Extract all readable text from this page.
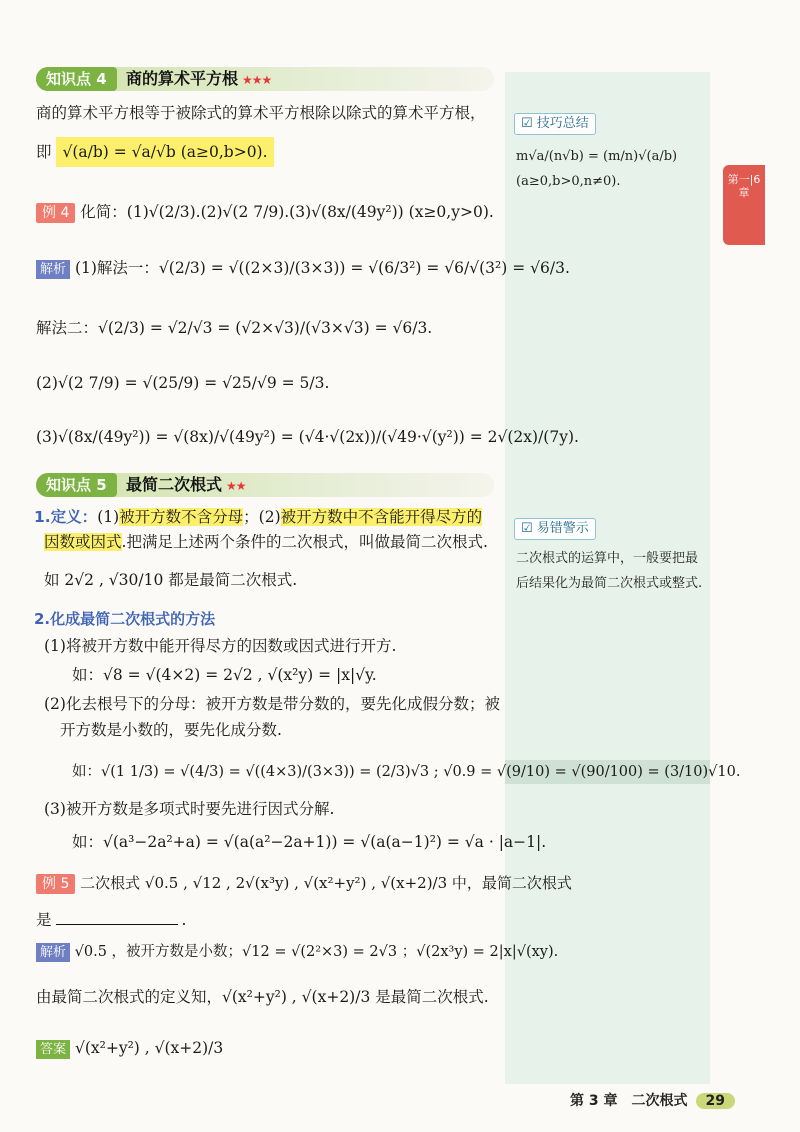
☑ 技巧总结
m√a/(n√b) = (m/n)√(a/b) (a≥0,b>0,n≠0).
☑ 易错警示
二次根式的运算中，一般要把最后结果化为最简二次根式或整式.
第一|6章
知识点 4	商的算术平方根 ★★★
商的算术平方根等于被除式的算术平方根除以除式的算术平方根，
即 √(a/b) = √a/√b (a≥0,b>0).
例 4 化简：(1)√(2/3).(2)√(2 7/9).(3)√(8x/(49y²)) (x≥0,y>0).
解析 (1)解法一：√(2/3) = √((2×3)/(3×3)) = √(6/3²) = √6/√(3²) = √6/3.
解法二：√(2/3) = √2/√3 = (√2×√3)/(√3×√3) = √6/3.
(2)√(2 7/9) = √(25/9) = √25/√9 = 5/3.
(3)√(8x/(49y²)) = √(8x)/√(49y²) = (√4·√(2x))/(√49·√(y²)) = 2√(2x)/(7y).
知识点 5	最简二次根式 ★★
1.定义：(1)被开方数不含分母；(2)被开方数中不含能开得尽方的
因数或因式.把满足上述两个条件的二次根式，叫做最简二次根式.
如 2√2 , √30/10 都是最简二次根式.
2.化成最简二次根式的方法
(1)将被开方数中能开得尽方的因数或因式进行开方.
如：√8 = √(4×2) = 2√2 , √(x²y) = |x|√y.
(2)化去根号下的分母：被开方数是带分数的，要先化成假分数；被
开方数是小数的，要先化成分数.
如：√(1 1/3) = √(4/3) = √((4×3)/(3×3)) = (2/3)√3 ; √0.9 = √(9/10) = √(90/100) = (3/10)√10.
(3)被开方数是多项式时要先进行因式分解.
如：√(a³−2a²+a) = √(a(a²−2a+1)) = √(a(a−1)²) = √a · |a−1|.
例 5 二次根式 √0.5 , √12 , 2√(x³y) , √(x²+y²) , √(x+2)/3 中，最简二次根式
是	.
解析 √0.5 ，被开方数是小数；√12 = √(2²×3) = 2√3 ；√(2x³y) = 2|x|√(xy).
由最简二次根式的定义知，√(x²+y²) , √(x+2)/3 是最简二次根式.
答案 √(x²+y²) , √(x+2)/3
第 3 章　二次根式 29
